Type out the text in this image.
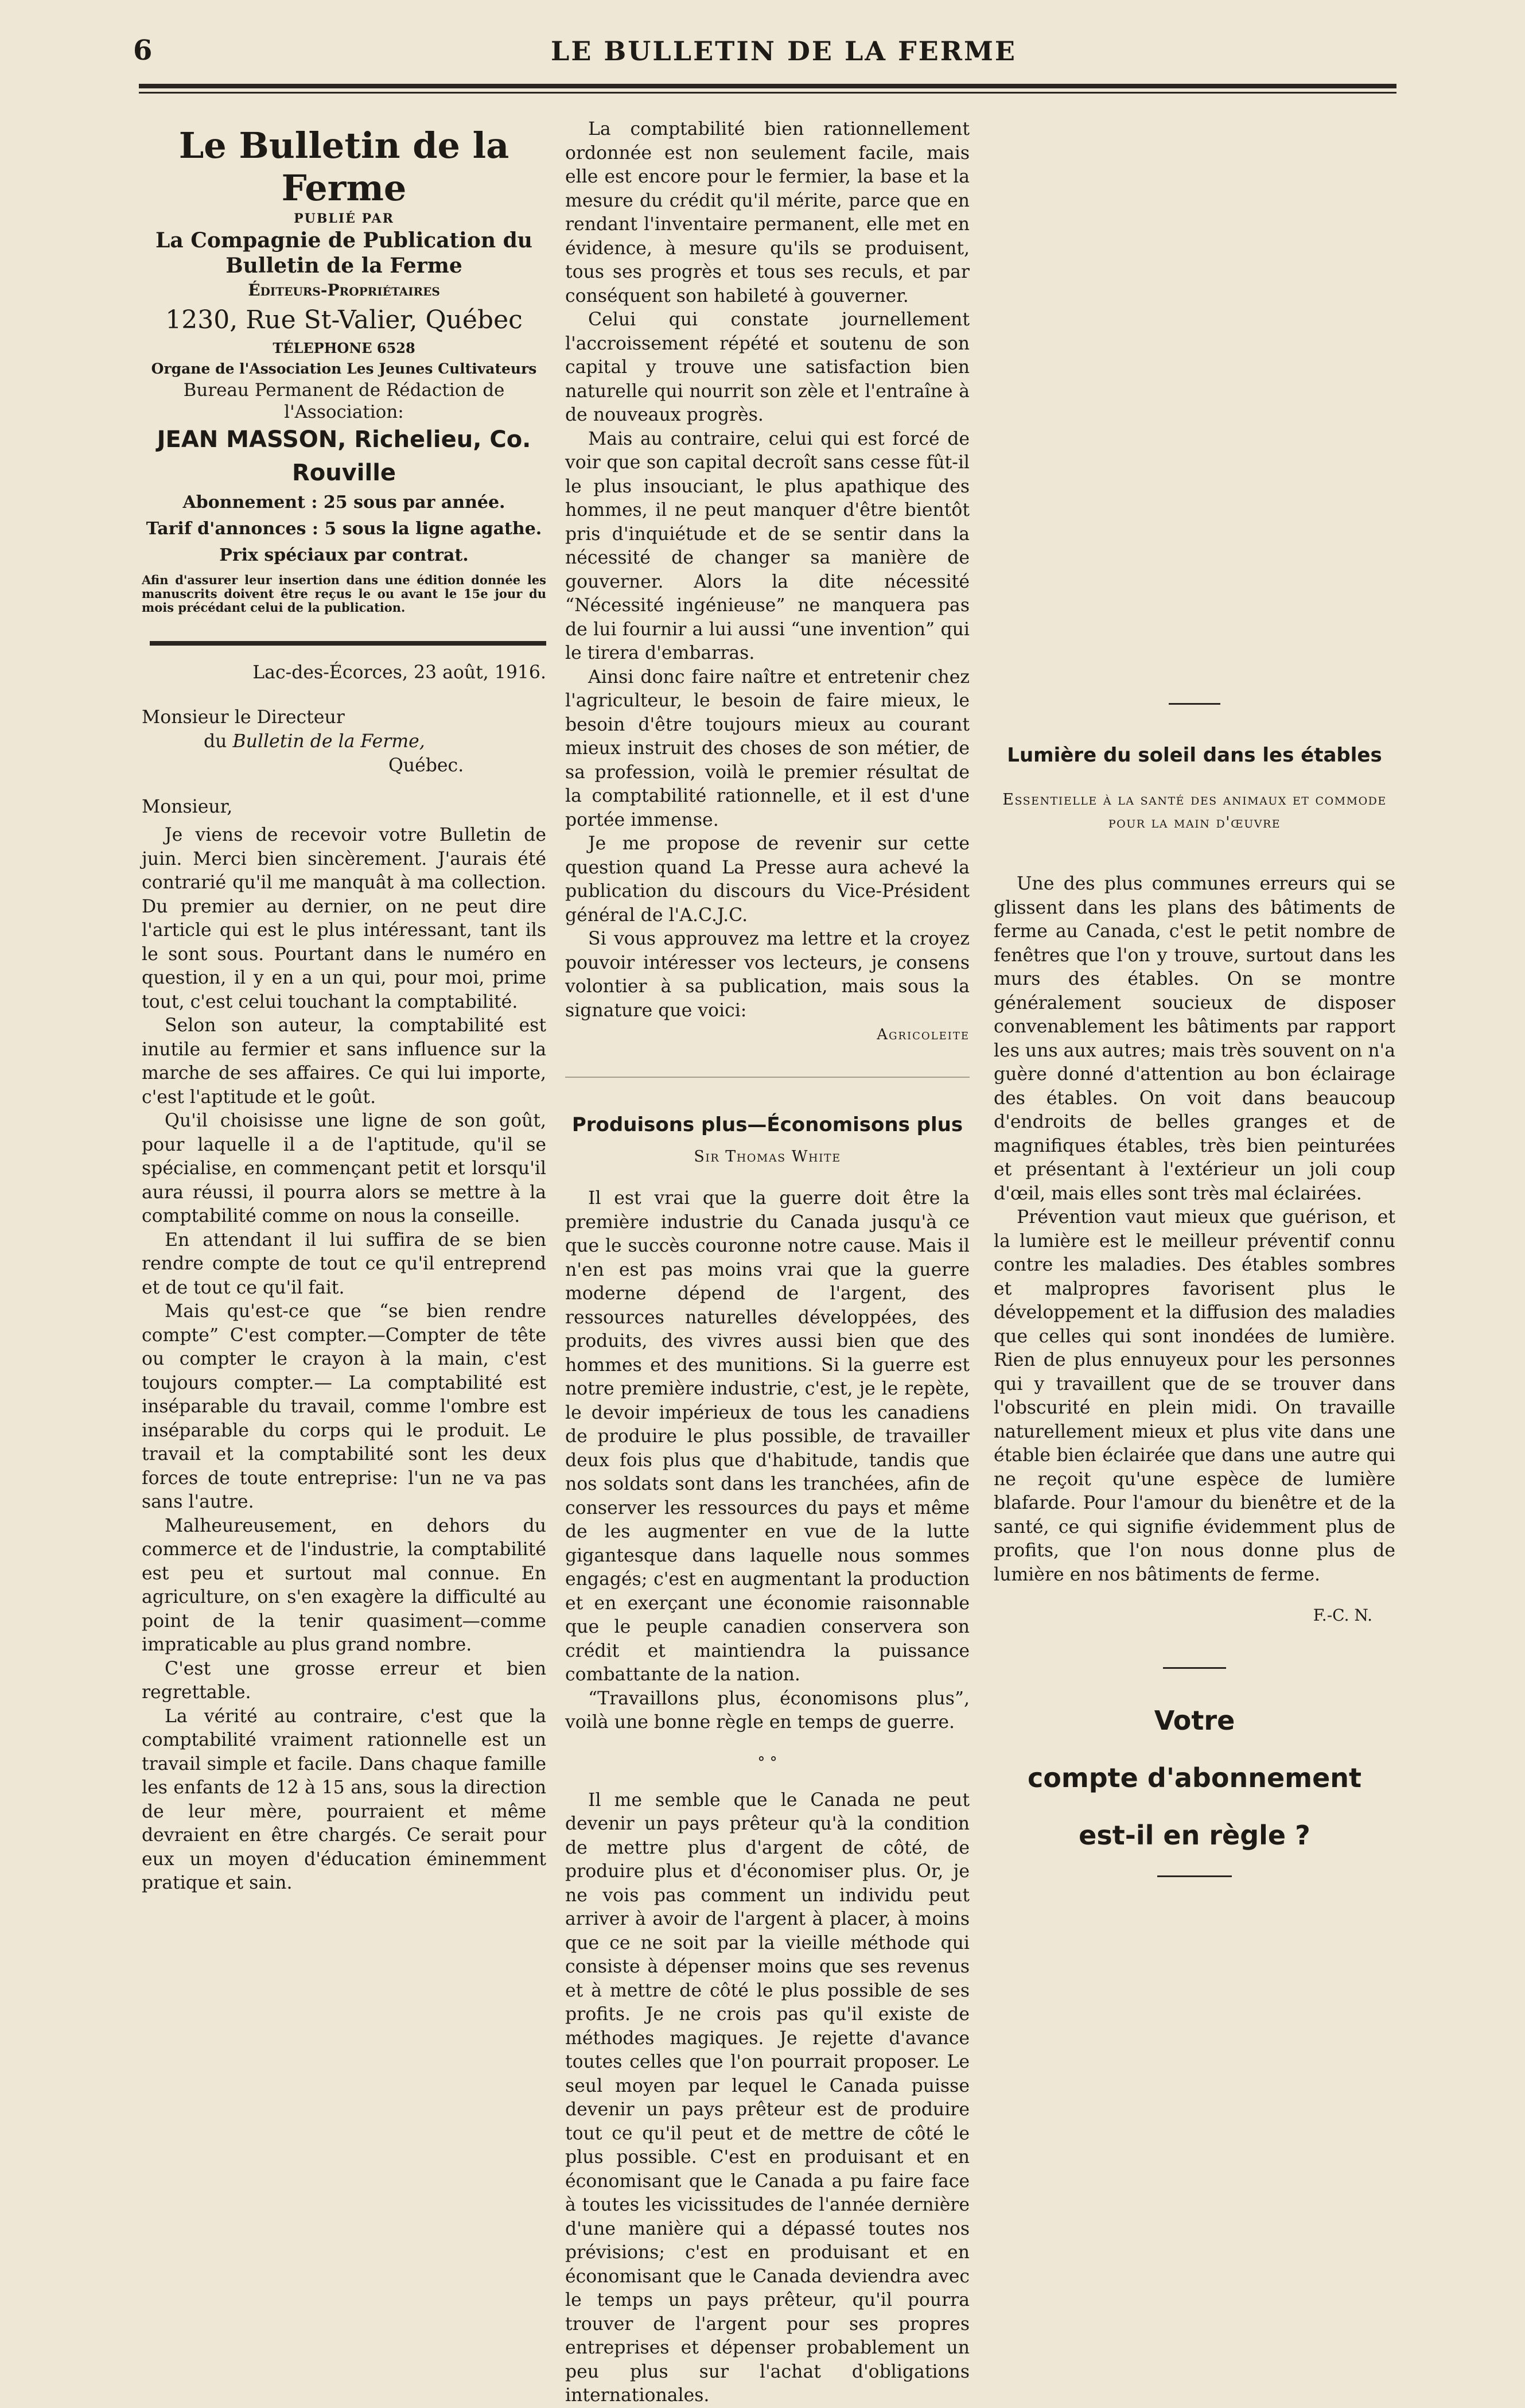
6	LE BULLETIN DE LA FERME
Le Bulletin de la Ferme
PUBLIÉ PAR
La Compagnie de Publication du
Bulletin de la Ferme
Éditeurs-Propriétaires
1230, Rue St-Valier, Québec
TÉLEPHONE 6528
Organe de l'Association Les Jeunes Cultivateurs
Bureau Permanent de Rédaction de
l'Association:
JEAN MASSON, Richelieu, Co. Rouville
Abonnement : 25 sous par année.
Tarif d'annonces : 5 sous la ligne agathe.
Prix spéciaux par contrat.
Afin d'assurer leur insertion dans une édition donnée les manuscrits doivent être reçus le ou avant le 15e jour du mois précédant celui de la publication.
Lac-des-Écorces, 23 août, 1916.
Monsieur le Directeur
du Bulletin de la Ferme,
Québec.
Monsieur,

Je viens de recevoir votre Bulletin de juin. Merci bien sincèrement. J'aurais été contrarié qu'il me manquât à ma collection. Du premier au dernier, on ne peut dire l'article qui est le plus intéressant, tant ils le sont sous. Pourtant dans le numéro en question, il y en a un qui, pour moi, prime tout, c'est celui touchant la comptabilité.

Selon son auteur, la comptabilité est inutile au fermier et sans influence sur la marche de ses affaires. Ce qui lui importe, c'est l'aptitude et le goût.

Qu'il choisisse une ligne de son goût, pour laquelle il a de l'aptitude, qu'il se spécialise, en commençant petit et lorsqu'il aura réussi, il pourra alors se mettre à la comptabilité comme on nous la conseille.

En attendant il lui suffira de se bien rendre compte de tout ce qu'il entreprend et de tout ce qu'il fait.

Mais qu'est-ce que “se bien rendre compte” C'est compter.—Compter de tête ou compter le crayon à la main, c'est toujours compter.— La comptabilité est inséparable du travail, comme l'ombre est inséparable du corps qui le produit. Le travail et la comptabilité sont les deux forces de toute entreprise: l'un ne va pas sans l'autre.

Malheureusement, en dehors du commerce et de l'industrie, la comptabilité est peu et surtout mal connue. En agriculture, on s'en exagère la difficulté au point de la tenir quasiment—comme impraticable au plus grand nombre.

C'est une grosse erreur et bien regrettable.

La vérité au contraire, c'est que la comptabilité vraiment rationnelle est un travail simple et facile. Dans chaque famille les enfants de 12 à 15 ans, sous la direction de leur mère, pourraient et même devraient en être chargés. Ce serait pour eux un moyen d'éducation éminemment pratique et sain.

La comptabilité bien rationnellement ordonnée est non seulement facile, mais elle est encore pour le fermier, la base et la mesure du crédit qu'il mérite, parce que en rendant l'inventaire permanent, elle met en évidence, à mesure qu'ils se produisent, tous ses progrès et tous ses reculs, et par conséquent son habileté à gouverner.

Celui qui constate journellement l'accroissement répété et soutenu de son capital y trouve une satisfaction bien naturelle qui nourrit son zèle et l'entraîne à de nouveaux progrès.

Mais au contraire, celui qui est forcé de voir que son capital decroît sans cesse fût-il le plus insouciant, le plus apathique des hommes, il ne peut manquer d'être bientôt pris d'inquiétude et de se sentir dans la nécessité de changer sa manière de gouverner. Alors la dite nécessité “Nécessité ingénieuse” ne manquera pas de lui fournir a lui aussi “une invention” qui le tirera d'embarras.

Ainsi donc faire naître et entretenir chez l'agriculteur, le besoin de faire mieux, le besoin d'être toujours mieux au courant mieux instruit des choses de son métier, de sa profession, voilà le premier résultat de la comptabilité rationnelle, et il est d'une portée immense.

Je me propose de revenir sur cette question quand La Presse aura achevé la publication du discours du Vice-Président général de l'A.C.J.C.

Si vous approuvez ma lettre et la croyez pouvoir intéresser vos lecteurs, je consens volontier à sa publication, mais sous la signature que voici:

Agricoleite
Produisons plus—Économisons plus
Sir Thomas White

Il est vrai que la guerre doit être la première industrie du Canada jusqu'à ce que le succès couronne notre cause. Mais il n'en est pas moins vrai que la guerre moderne dépend de l'argent, des ressources naturelles développées, des produits, des vivres aussi bien que des hommes et des munitions. Si la guerre est notre première industrie, c'est, je le repète, le devoir impérieux de tous les canadiens de produire le plus possible, de travailler deux fois plus que d'habitude, tandis que nos soldats sont dans les tranchées, afin de conserver les ressources du pays et même de les augmenter en vue de la lutte gigantesque dans laquelle nous sommes engagés; c'est en augmentant la production et en exerçant une économie raisonnable que le peuple canadien conservera son crédit et maintiendra la puissance combattante de la nation.

“Travaillons plus, économisons plus”, voilà une bonne règle en temps de guerre.

° °

Il me semble que le Canada ne peut devenir un pays prêteur qu'à la condition de mettre plus d'argent de côté, de produire plus et d'économiser plus. Or, je ne vois pas comment un individu peut arriver à avoir de l'argent à placer, à moins que ce ne soit par la vieille méthode qui consiste à dépenser moins que ses revenus et à mettre de côté le plus possible de ses profits. Je ne crois pas qu'il existe de méthodes magiques. Je rejette d'avance toutes celles que l'on pourrait proposer. Le seul moyen par lequel le Canada puisse devenir un pays prêteur est de produire tout ce qu'il peut et de mettre de côté le plus possible. C'est en produisant et en économisant que le Canada a pu faire face à toutes les vicissitudes de l'année dernière d'une manière qui a dépassé toutes nos prévisions; c'est en produisant et en économisant que le Canada deviendra avec le temps un pays prêteur, qu'il pourra trouver de l'argent pour ses propres entreprises et dépenser probablement un peu plus sur l'achat d'obligations internationales.

Lumière du soleil dans les étables
Essentielle à la santé des animaux et commode pour la main d'œuvre

Une des plus communes erreurs qui se glissent dans les plans des bâtiments de ferme au Canada, c'est le petit nombre de fenêtres que l'on y trouve, surtout dans les murs des étables. On se montre généralement soucieux de disposer convenablement les bâtiments par rapport les uns aux autres; mais très souvent on n'a guère donné d'attention au bon éclairage des étables. On voit dans beaucoup d'endroits de belles granges et de magnifiques étables, très bien peinturées et présentant à l'extérieur un joli coup d'œil, mais elles sont très mal éclairées.

Prévention vaut mieux que guérison, et la lumière est le meilleur préventif connu contre les maladies. Des étables sombres et malpropres favorisent plus le développement et la diffusion des maladies que celles qui sont inondées de lumière. Rien de plus ennuyeux pour les personnes qui y travaillent que de se trouver dans l'obscurité en plein midi. On travaille naturellement mieux et plus vite dans une étable bien éclairée que dans une autre qui ne reçoit qu'une espèce de lumière blafarde. Pour l'amour du bienêtre et de la santé, ce qui signifie évidemment plus de profits, que l'on nous donne plus de lumière en nos bâtiments de ferme.

F.-C. N.
Votre
compte d'abonnement
est-il en règle ?
